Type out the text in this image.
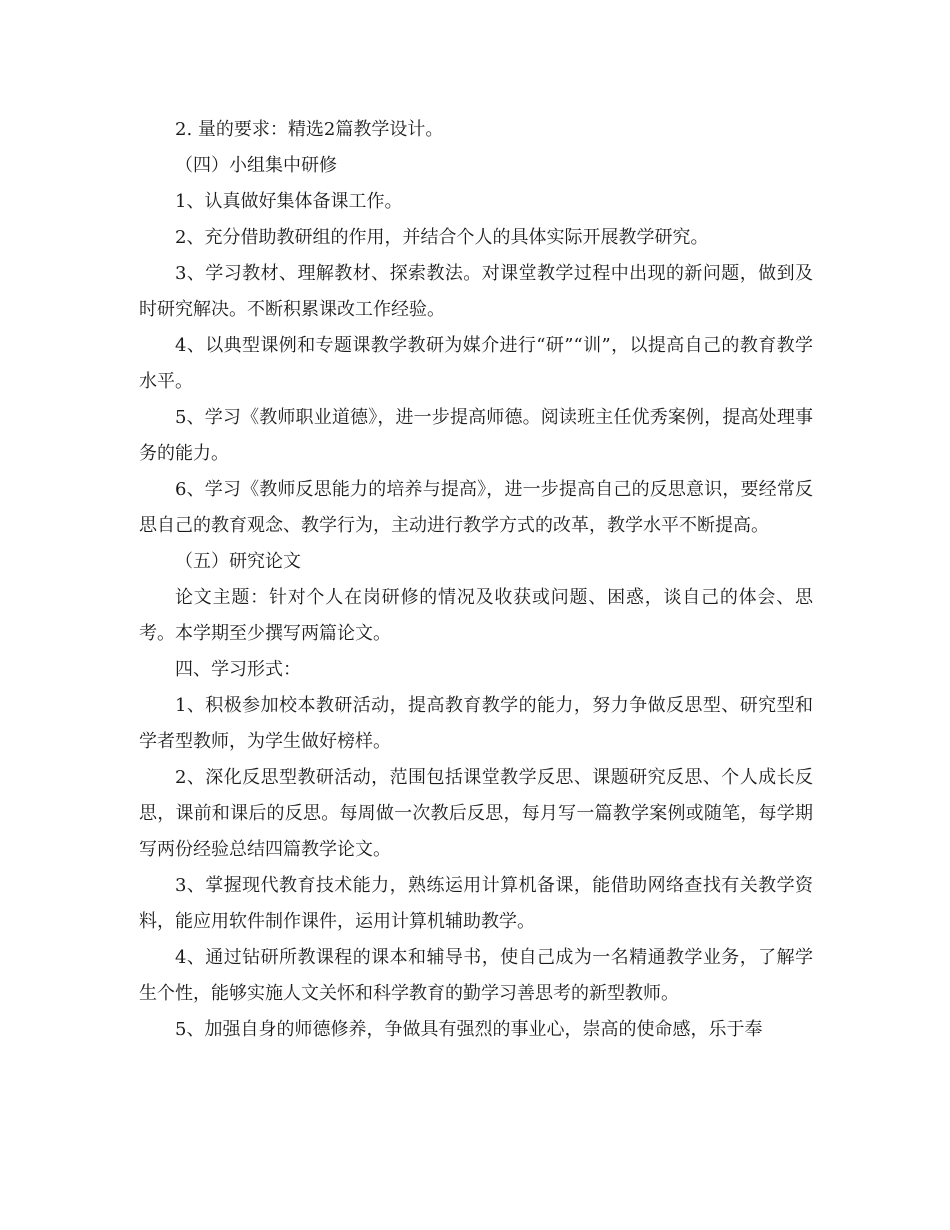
2. 量的要求：精选2篇教学设计。

（四）小组集中研修

1、认真做好集体备课工作。

2、充分借助教研组的作用，并结合个人的具体实际开展教学研究。

3、学习教材、理解教材、探索教法。对课堂教学过程中出现的新问题，做到及时研究解决。不断积累课改工作经验。

4、以典型课例和专题课教学教研为媒介进行“研”“训”，以提高自己的教育教学水平。

5、学习《教师职业道德》，进一步提高师德。阅读班主任优秀案例，提高处理事务的能力。

6、学习《教师反思能力的培养与提高》，进一步提高自己的反思意识，要经常反思自己的教育观念、教学行为，主动进行教学方式的改革，教学水平不断提高。

（五）研究论文

论文主题：针对个人在岗研修的情况及收获或问题、困惑，谈自己的体会、思考。本学期至少撰写两篇论文。

四、学习形式：

1、积极参加校本教研活动，提高教育教学的能力，努力争做反思型、研究型和学者型教师，为学生做好榜样。

2、深化反思型教研活动，范围包括课堂教学反思、课题研究反思、个人成长反思，课前和课后的反思。每周做一次教后反思，每月写一篇教学案例或随笔，每学期写两份经验总结四篇教学论文。

3、掌握现代教育技术能力，熟练运用计算机备课，能借助网络查找有关教学资料，能应用软件制作课件，运用计算机辅助教学。

4、通过钻研所教课程的课本和辅导书，使自己成为一名精通教学业务，了解学生个性，能够实施人文关怀和科学教育的勤学习善思考的新型教师。

5、加强自身的师德修养，争做具有强烈的事业心，崇高的使命感，乐于奉
